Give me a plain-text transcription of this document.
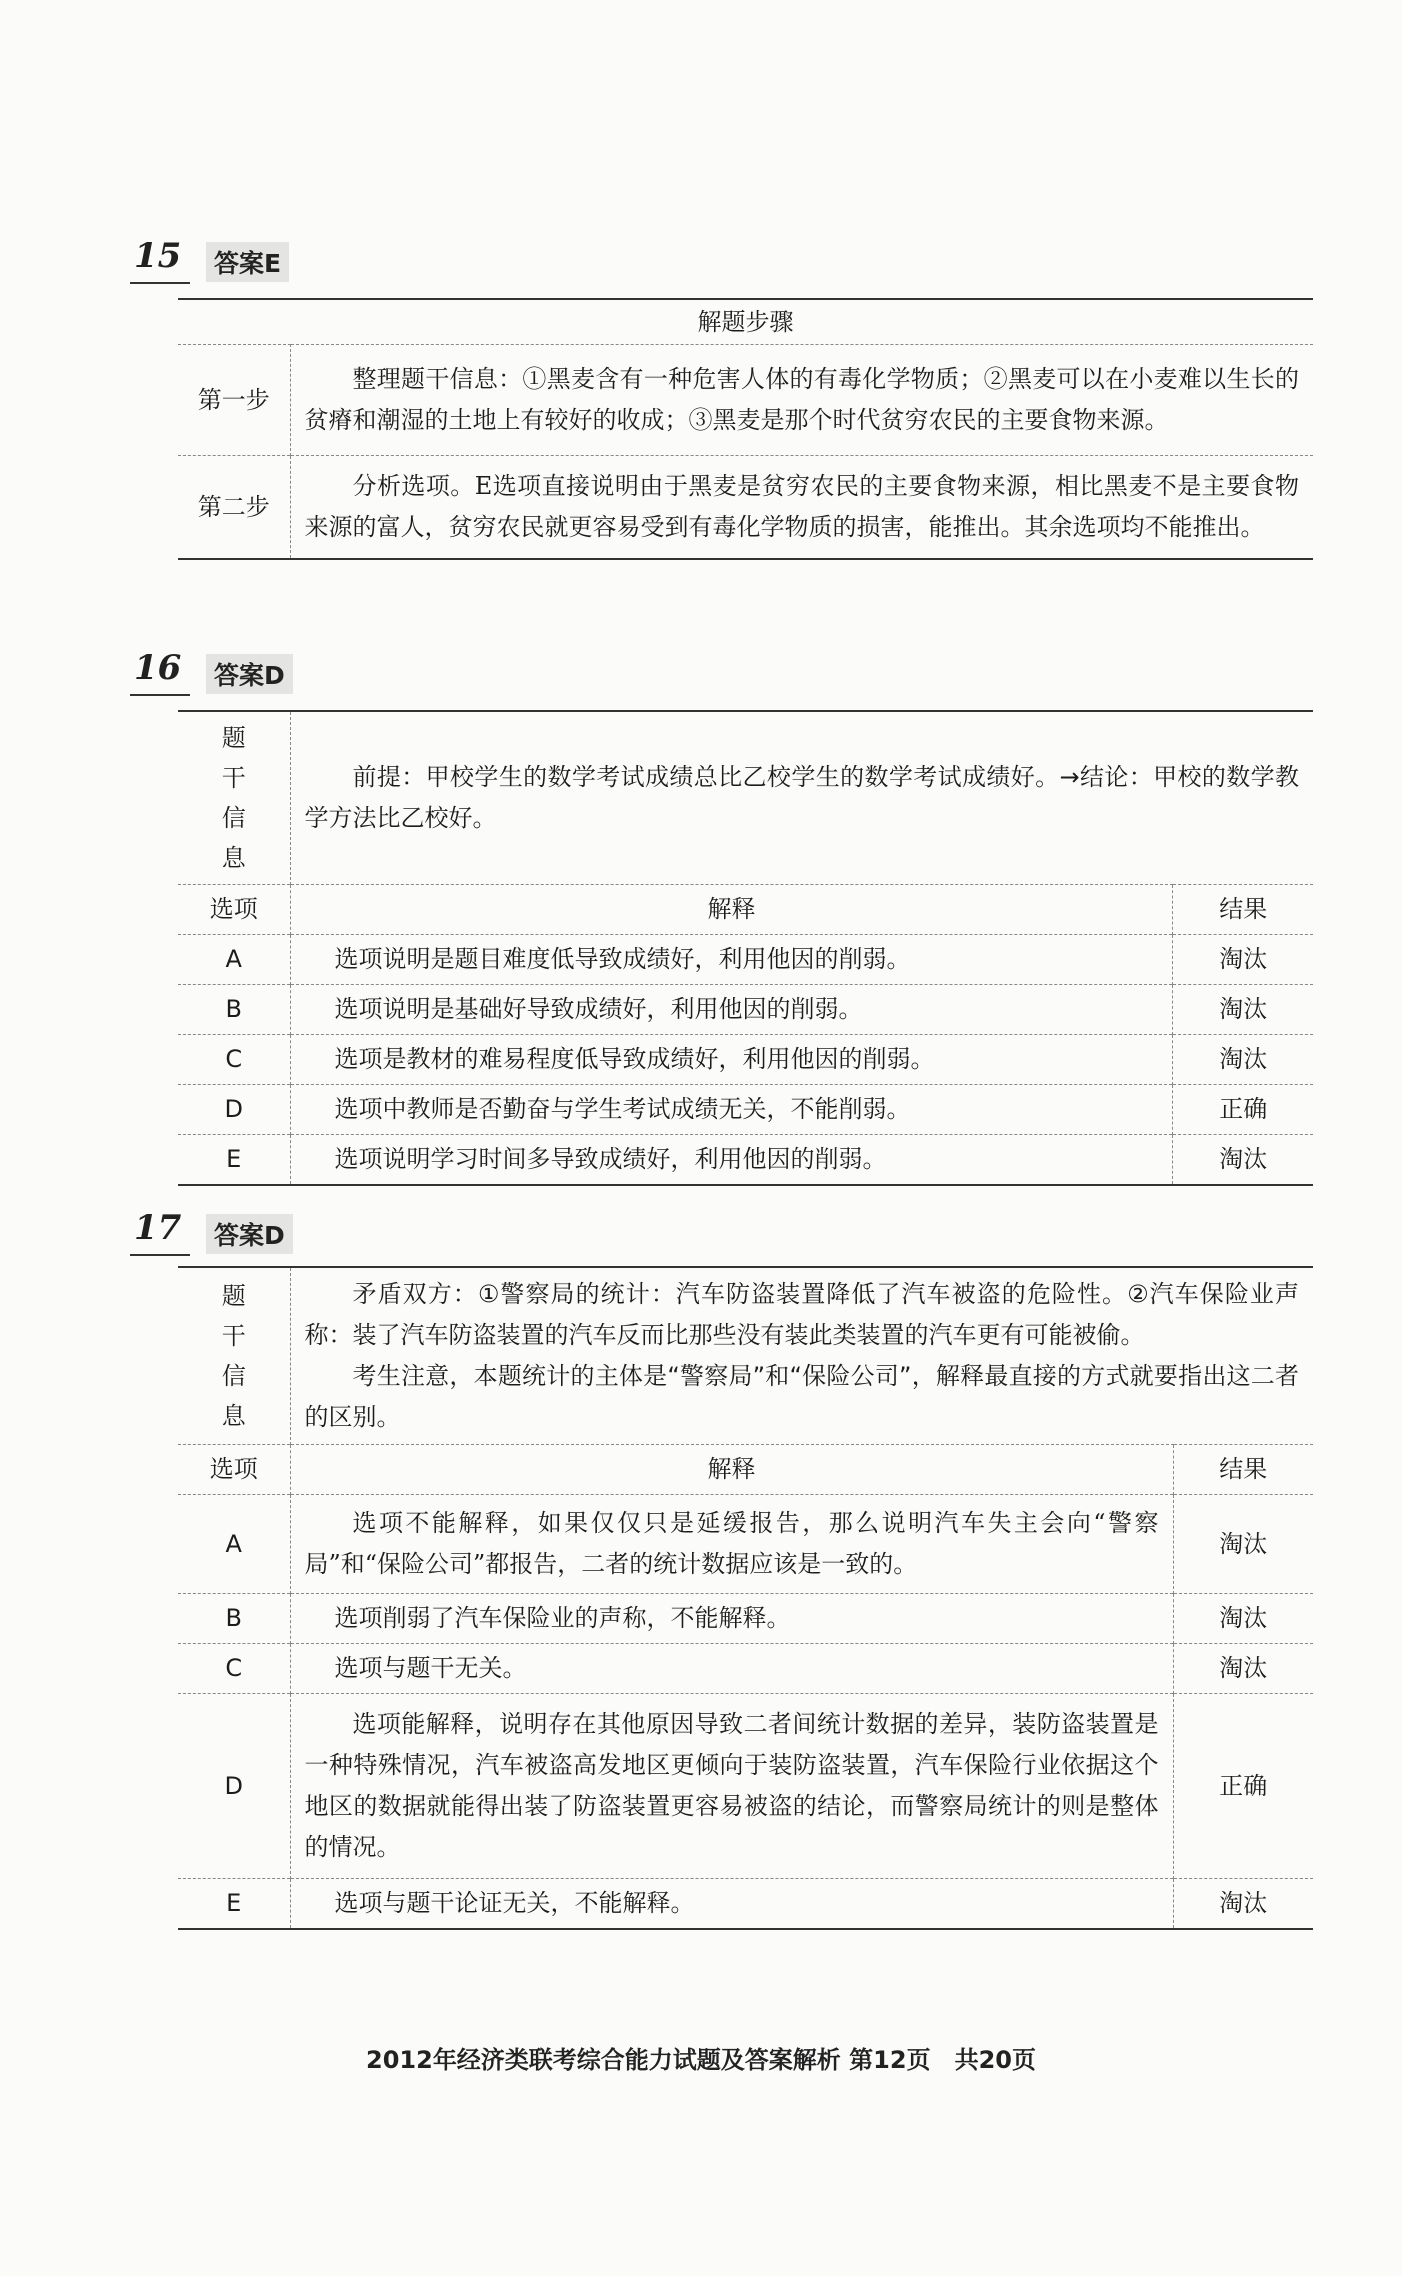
15	答案E
解题步骤	
第一步	整理题干信息：①黑麦含有一种危害人体的有毒化学物质；②黑麦可以在小麦难以生长的贫瘠和潮湿的土地上有较好的收成；③黑麦是那个时代贫穷农民的主要食物来源。
第二步	分析选项。E选项直接说明由于黑麦是贫穷农民的主要食物来源，相比黑麦不是主要食物来源的富人，贫穷农民就更容易受到有毒化学物质的损害，能推出。其余选项均不能推出。
16	答案D
题干信息	前提：甲校学生的数学考试成绩总比乙校学生的数学考试成绩好。→结论：甲校的数学教学方法比乙校好。	
选项	解释	结果
A	选项说明是题目难度低导致成绩好，利用他因的削弱。	淘汰
B	选项说明是基础好导致成绩好，利用他因的削弱。	淘汰
C	选项是教材的难易程度低导致成绩好，利用他因的削弱。	淘汰
D	选项中教师是否勤奋与学生考试成绩无关，不能削弱。	正确
E	选项说明学习时间多导致成绩好，利用他因的削弱。	淘汰
17	答案D
题干信息	矛盾双方：①警察局的统计：汽车防盗装置降低了汽车被盗的危险性。②汽车保险业声称：装了汽车防盗装置的汽车反而比那些没有装此类装置的汽车更有可能被偷。

考生注意，本题统计的主体是“警察局”和“保险公司”，解释最直接的方式就要指出这二者的区别。	

选项	解释	结果
A	选项不能解释，如果仅仅只是延缓报告，那么说明汽车失主会向“警察局”和“保险公司”都报告，二者的统计数据应该是一致的。	淘汰
B	选项削弱了汽车保险业的声称，不能解释。	淘汰
C	选项与题干无关。	淘汰
D	选项能解释，说明存在其他原因导致二者间统计数据的差异，装防盗装置是一种特殊情况，汽车被盗高发地区更倾向于装防盗装置，汽车保险行业依据这个地区的数据就能得出装了防盗装置更容易被盗的结论，而警察局统计的则是整体的情况。	正确
E	选项与题干论证无关，不能解释。	淘汰
2012年经济类联考综合能力试题及答案解析 第12页　共20页
